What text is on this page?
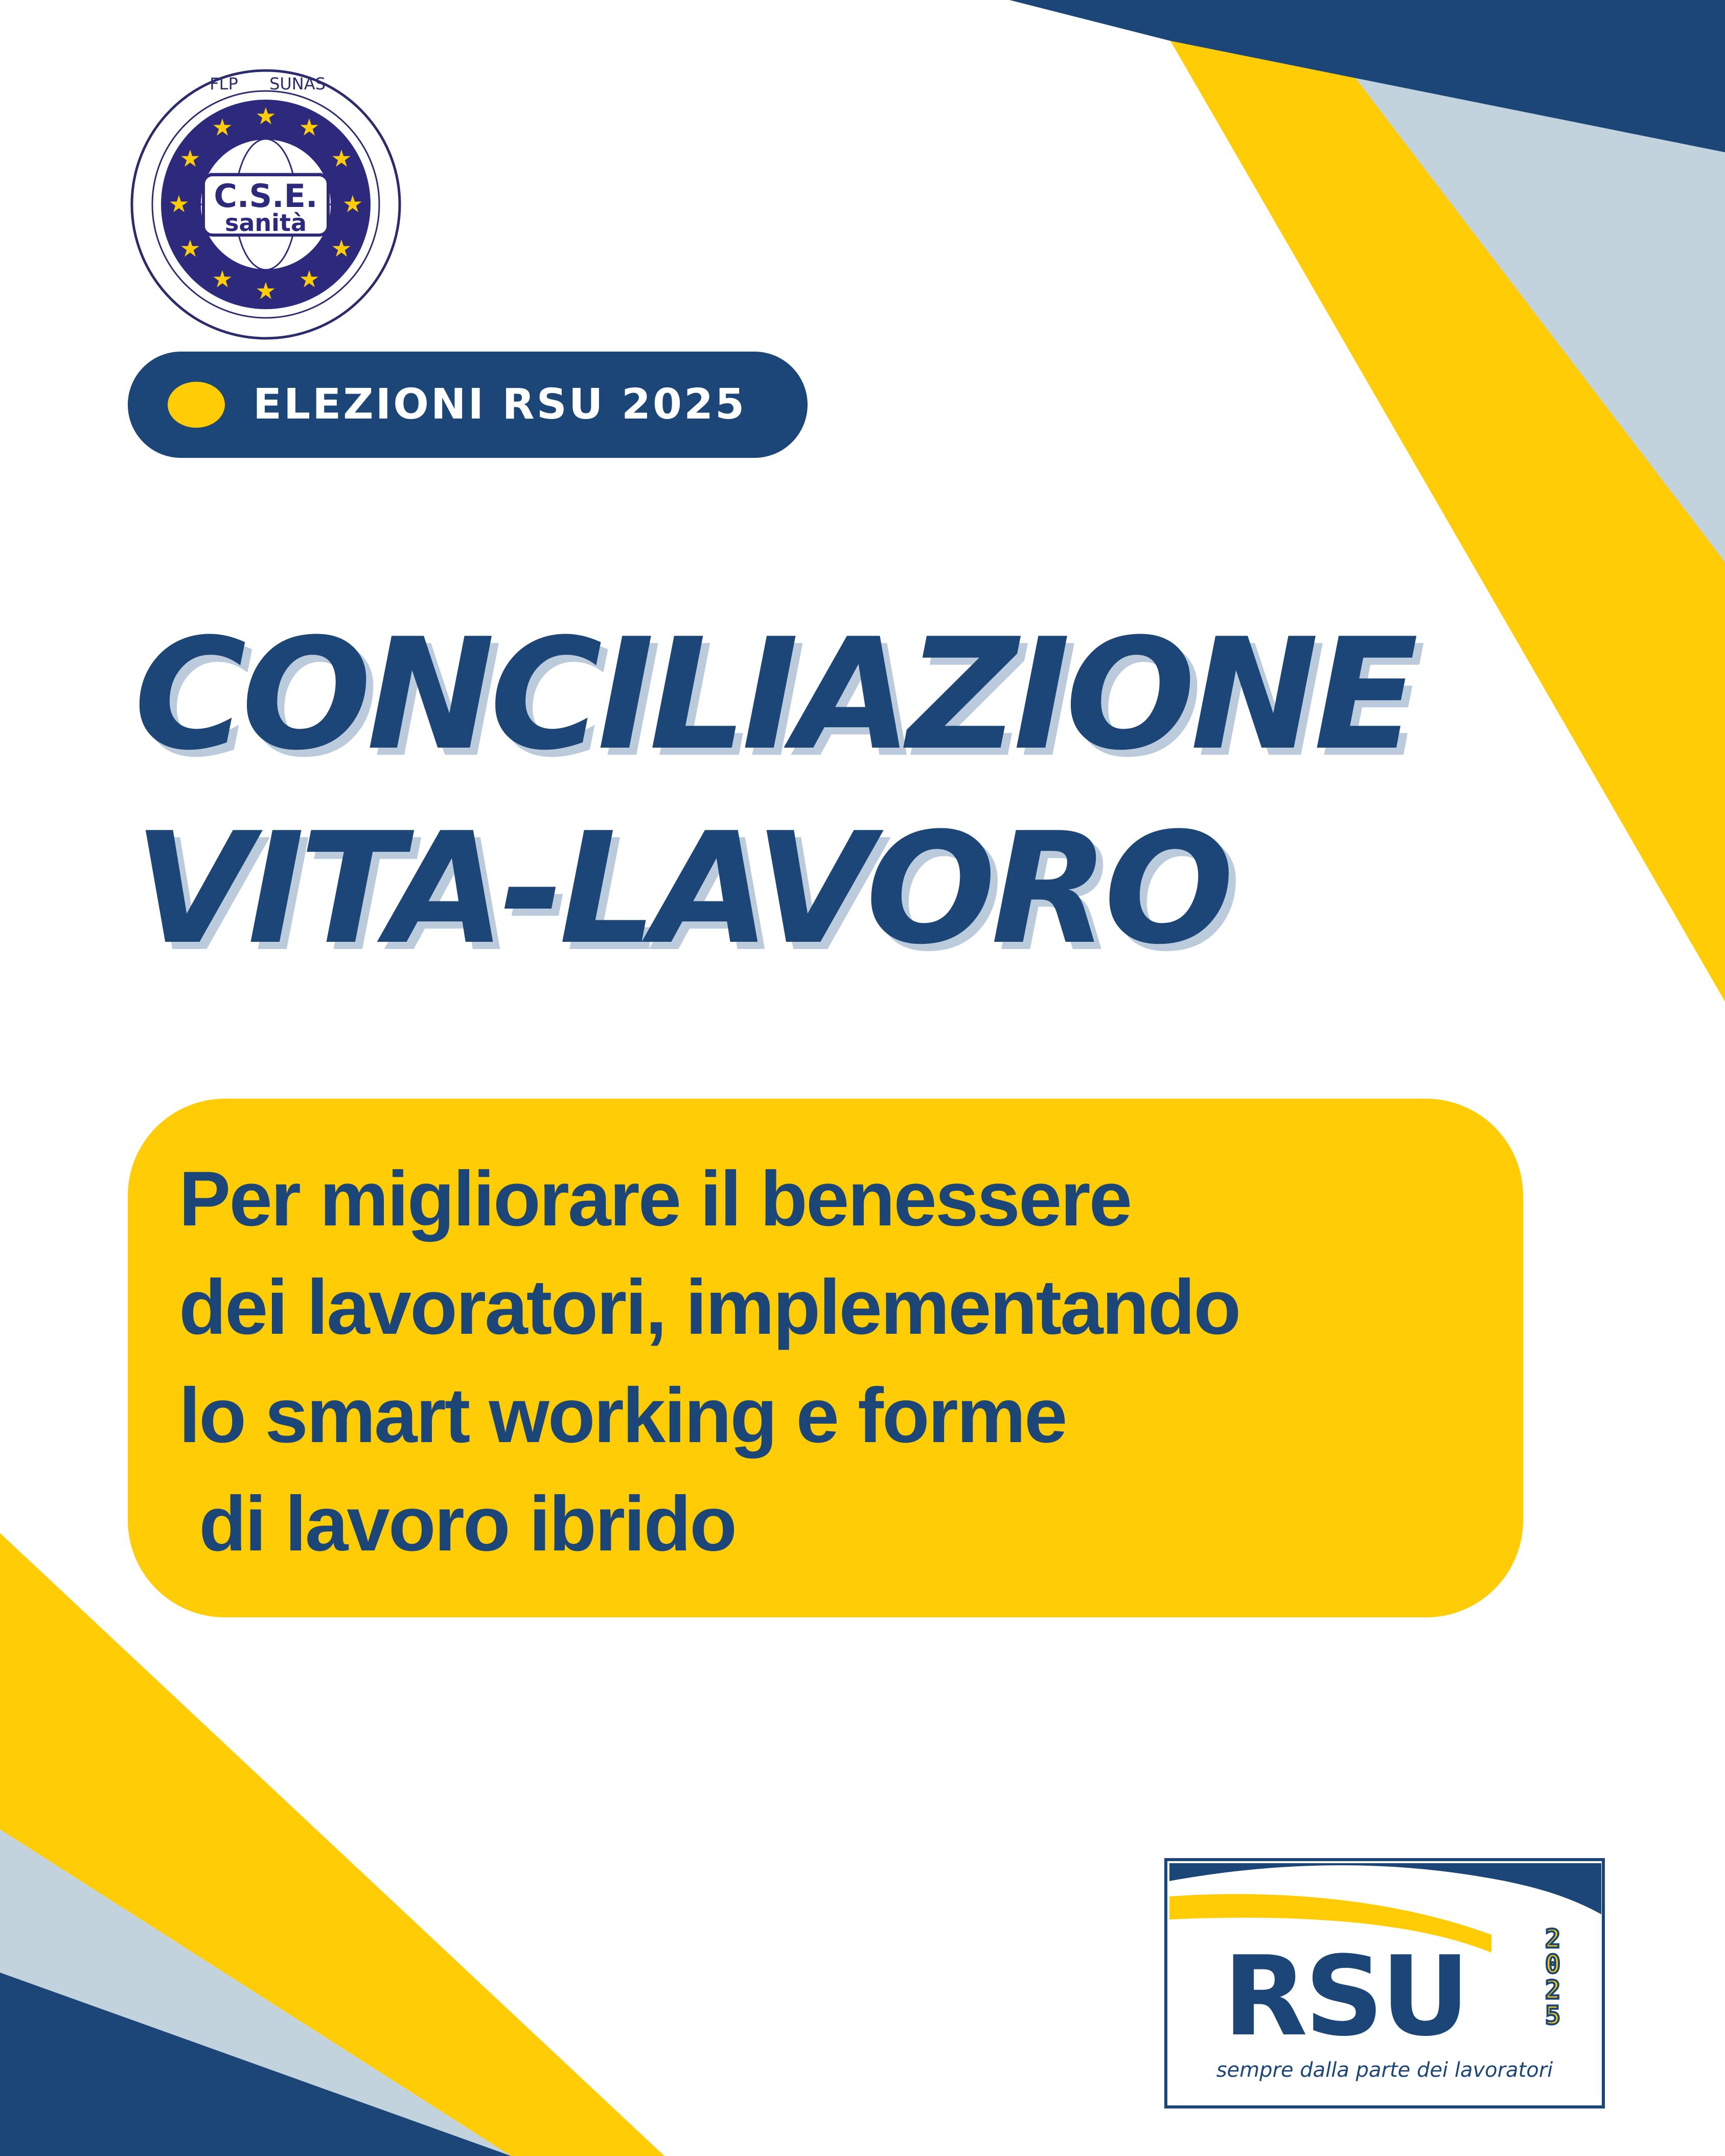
★ ★
★
★
★
★
★
★
★
★
★
★
C.S.E.
sanità
FLP SUNAS
ELEZIONI RSU 2025
CONCILIAZIONE
VITA-LAVORO

Per migliorare il benessere
dei lavoratori, implementando
lo smart working e forme
di lavoro ibrido

RSU	2
0
2
5
sempre dalla parte dei lavoratori
